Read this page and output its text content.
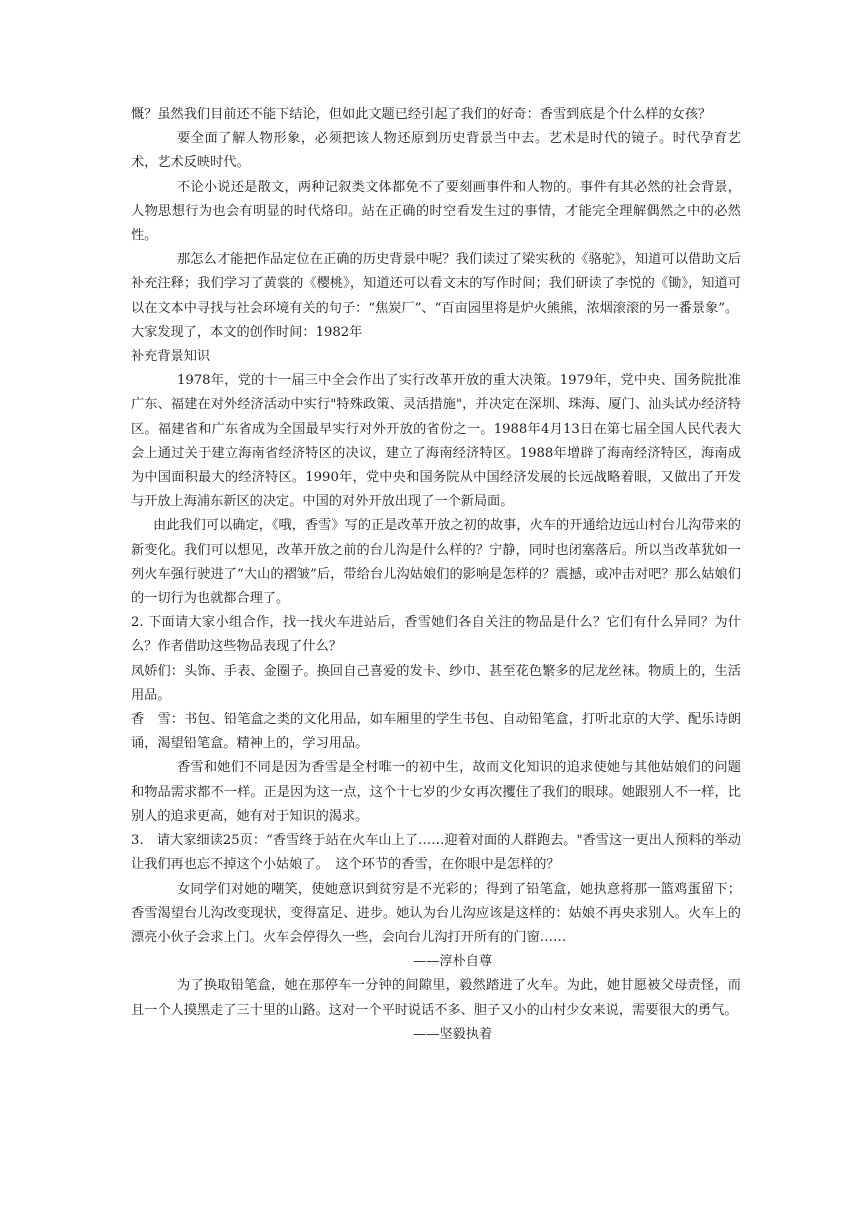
慨？虽然我们目前还不能下结论，但如此文题已经引起了我们的好奇：香雪到底是个什么样的女孩？

要全面了解人物形象，必须把该人物还原到历史背景当中去。艺术是时代的镜子。时代孕育艺术，艺术反映时代。

不论小说还是散文，两种记叙类文体都免不了要刻画事件和人物的。事件有其必然的社会背景，人物思想行为也会有明显的时代烙印。站在正确的时空看发生过的事情，才能完全理解偶然之中的必然性。

那怎么才能把作品定位在正确的历史背景中呢？我们读过了梁实秋的《骆驼》，知道可以借助文后补充注释；我们学习了黄裳的《樱桃》，知道还可以看文末的写作时间；我们研读了李悦的《锄》，知道可以在文本中寻找与社会环境有关的句子：“焦炭厂”、“百亩园里将是炉火熊熊，浓烟滚滚的另一番景象”。

大家发现了，本文的创作时间：1982年

补充背景知识

1978年，党的十一届三中全会作出了实行改革开放的重大决策。1979年，党中央、国务院批准广东、福建在对外经济活动中实行"特殊政策、灵活措施"，并决定在深圳、珠海、厦门、汕头试办经济特区。福建省和广东省成为全国最早实行对外开放的省份之一。1988年4月13日在第七届全国人民代表大会上通过关于建立海南省经济特区的决议，建立了海南经济特区。1988年增辟了海南经济特区，海南成为中国面积最大的经济特区。1990年，党中央和国务院从中国经济发展的长远战略着眼，又做出了开发与开放上海浦东新区的决定。中国的对外开放出现了一个新局面。

由此我们可以确定，《哦，香雪》写的正是改革开放之初的故事，火车的开通给边远山村台儿沟带来的新变化。我们可以想见，改革开放之前的台儿沟是什么样的？宁静，同时也闭塞落后。所以当改革犹如一列火车强行驶进了“大山的褶皱”后，带给台儿沟姑娘们的影响是怎样的？震撼，或冲击对吧？那么姑娘们的一切行为也就都合理了。

2. 下面请大家小组合作，找一找火车进站后，香雪她们各自关注的物品是什么？它们有什么异同？为什么？作者借助这些物品表现了什么？

凤娇们：头饰、手表、金圈子。换回自己喜爱的发卡、纱巾、甚至花色繁多的尼龙丝袜。物质上的，生活用品。

香　雪：书包、铅笔盒之类的文化用品，如车厢里的学生书包、自动铅笔盒，打听北京的大学、配乐诗朗诵，渴望铅笔盒。精神上的，学习用品。

香雪和她们不同是因为香雪是全村唯一的初中生，故而文化知识的追求使她与其他姑娘们的问题和物品需求都不一样。正是因为这一点，这个十七岁的少女再次攫住了我们的眼球。她跟别人不一样，比别人的追求更高，她有对于知识的渴求。

3.　请大家细读25页：“香雪终于站在火车山上了……迎着对面的人群跑去。"香雪这一更出人预料的举动让我们再也忘不掉这个小姑娘了。　这个环节的香雪，在你眼中是怎样的？

女同学们对她的嘲笑，使她意识到贫穷是不光彩的；得到了铅笔盒，她执意将那一篮鸡蛋留下；香雪渴望台儿沟改变现状，变得富足、进步。她认为台儿沟应该是这样的：姑娘不再央求别人。火车上的漂亮小伙子会求上门。火车会停得久一些，会向台儿沟打开所有的门窗……

——淳朴自尊

为了换取铅笔盒，她在那停车一分钟的间隙里，毅然踏进了火车。为此，她甘愿被父母责怪，而且一个人摸黑走了三十里的山路。这对一个平时说话不多、胆子又小的山村少女来说，需要很大的勇气。

——坚毅执着
